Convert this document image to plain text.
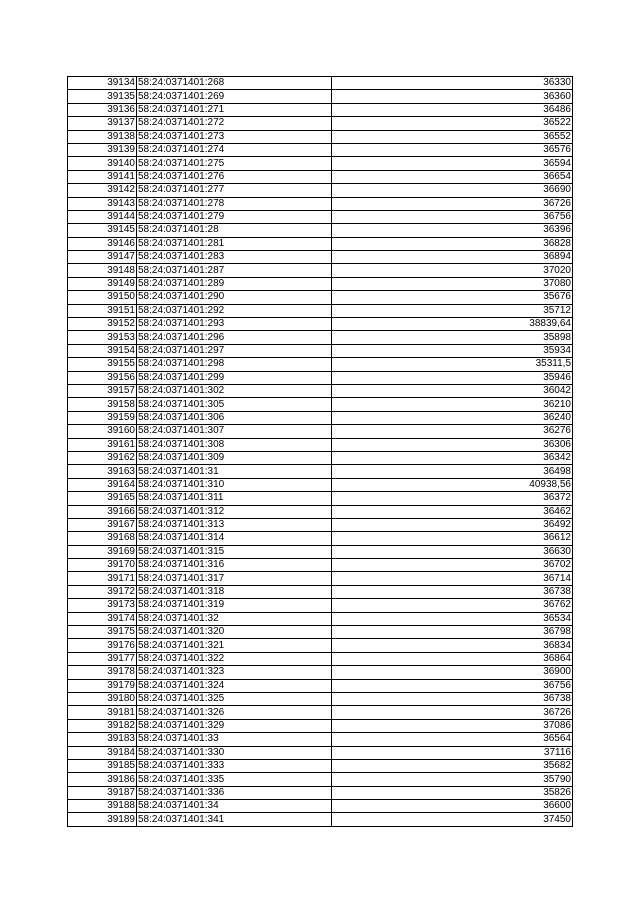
39134	58:24:0371401:268	36330
39135	58:24:0371401:269	36360
39136	58:24:0371401:271	36486
39137	58:24:0371401:272	36522
39138	58:24:0371401:273	36552
39139	58:24:0371401:274	36576
39140	58:24:0371401:275	36594
39141	58:24:0371401:276	36654
39142	58:24:0371401:277	36690
39143	58:24:0371401:278	36726
39144	58:24:0371401:279	36756
39145	58:24:0371401:28	36396
39146	58:24:0371401:281	36828
39147	58:24:0371401:283	36894
39148	58:24:0371401:287	37020
39149	58:24:0371401:289	37080
39150	58:24:0371401:290	35676
39151	58:24:0371401:292	35712
39152	58:24:0371401:293	38839,64
39153	58:24:0371401:296	35898
39154	58:24:0371401:297	35934
39155	58:24:0371401:298	35311,5
39156	58:24:0371401:299	35946
39157	58:24:0371401:302	36042
39158	58:24:0371401:305	36210
39159	58:24:0371401:306	36240
39160	58:24:0371401:307	36276
39161	58:24:0371401:308	36306
39162	58:24:0371401:309	36342
39163	58:24:0371401:31	36498
39164	58:24:0371401:310	40938,56
39165	58:24:0371401:311	36372
39166	58:24:0371401:312	36462
39167	58:24:0371401:313	36492
39168	58:24:0371401:314	36612
39169	58:24:0371401:315	36630
39170	58:24:0371401:316	36702
39171	58:24:0371401:317	36714
39172	58:24:0371401:318	36738
39173	58:24:0371401:319	36762
39174	58:24:0371401:32	36534
39175	58:24:0371401:320	36798
39176	58:24:0371401:321	36834
39177	58:24:0371401:322	36864
39178	58:24:0371401:323	36900
39179	58:24:0371401:324	36756
39180	58:24:0371401:325	36738
39181	58:24:0371401:326	36726
39182	58:24:0371401:329	37086
39183	58:24:0371401:33	36564
39184	58:24:0371401:330	37116
39185	58:24:0371401:333	35682
39186	58:24:0371401:335	35790
39187	58:24:0371401:336	35826
39188	58:24:0371401:34	36600
39189	58:24:0371401:341	37450
